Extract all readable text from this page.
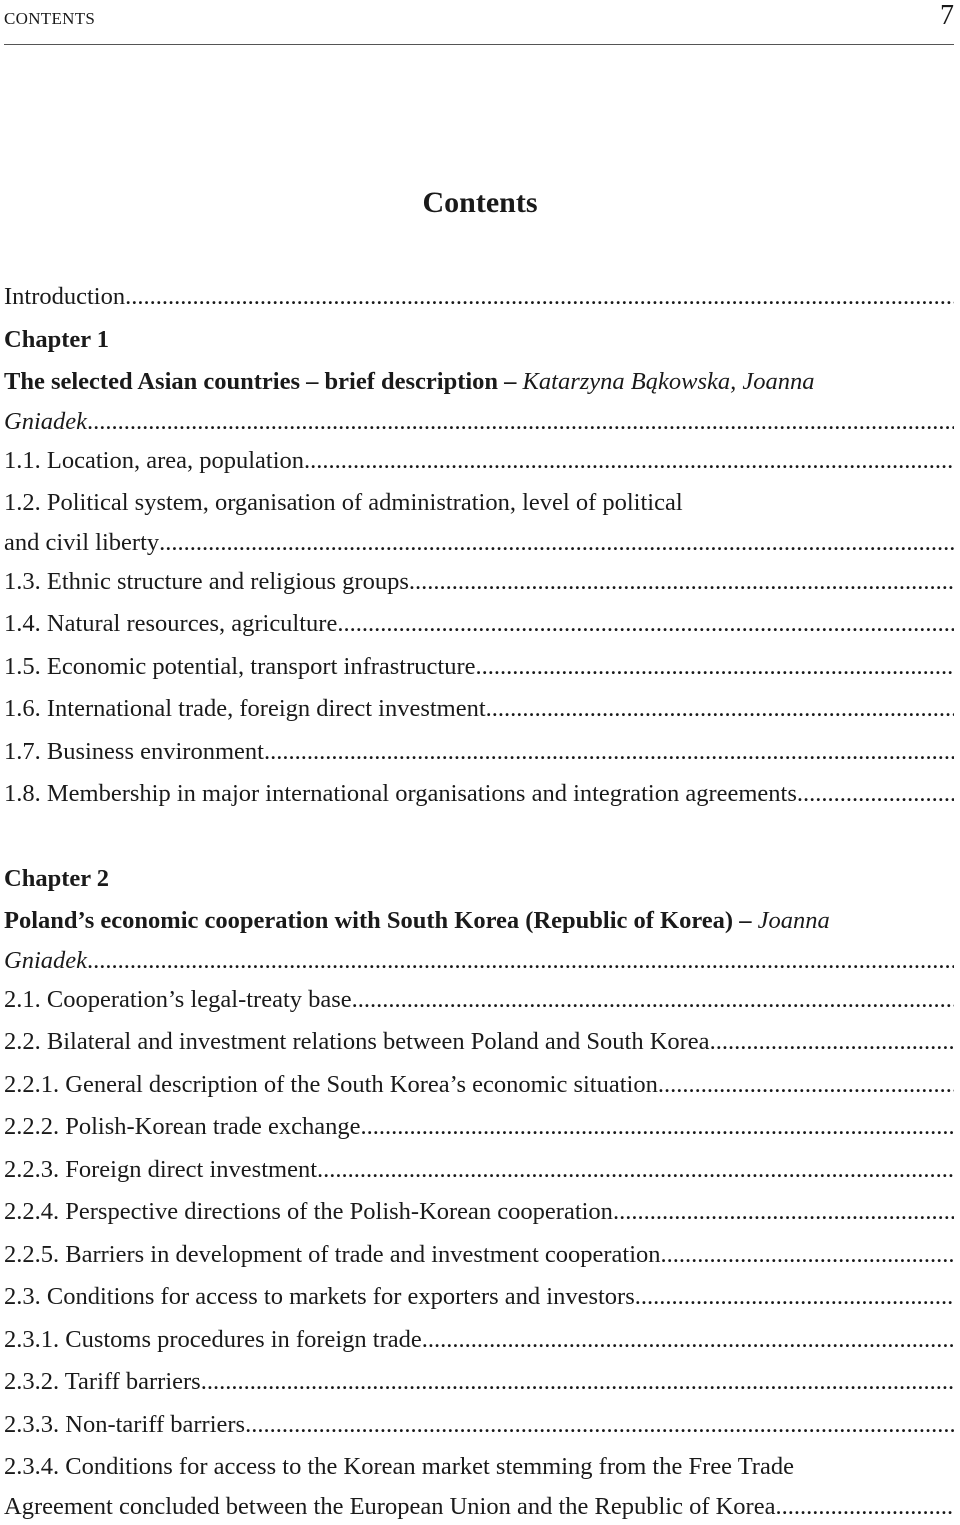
CONTENTS	7
Contents
Introduction
.....
Chapter 1
The selected Asian countries – brief description – Katarzyna Bąkowska, Joanna
Gniadek
.....
1.1. Location, area, population
.....
1.2. Political system, organisation of administration, level of political
and civil liberty
.....
1.3. Ethnic structure and religious groups
.....
1.4. Natural resources, agriculture
.....
1.5. Economic potential, transport infrastructure
.....
1.6. International trade, foreign direct investment
.....
1.7. Business environment
.....
1.8. Membership in major international organisations and integration agreements
.....
Chapter 2
Poland’s economic cooperation with South Korea (Republic of Korea) – Joanna
Gniadek
.....
2.1. Cooperation’s legal-treaty base
.....
2.2. Bilateral and investment relations between Poland and South Korea
.....
2.2.1. General description of the South Korea’s economic situation
.....
2.2.2. Polish-Korean trade exchange
.....
2.2.3. Foreign direct investment
.....
2.2.4. Perspective directions of the Polish-Korean cooperation
.....
2.2.5. Barriers in development of trade and investment cooperation
.....
2.3. Conditions for access to markets for exporters and investors
.....
2.3.1. Customs procedures in foreign trade
.....
2.3.2. Tariff barriers
.....
2.3.3. Non-tariff barriers
.....
2.3.4. Conditions for access to the Korean market stemming from the Free Trade
Agreement concluded between the European Union and the Republic of Korea
.....
